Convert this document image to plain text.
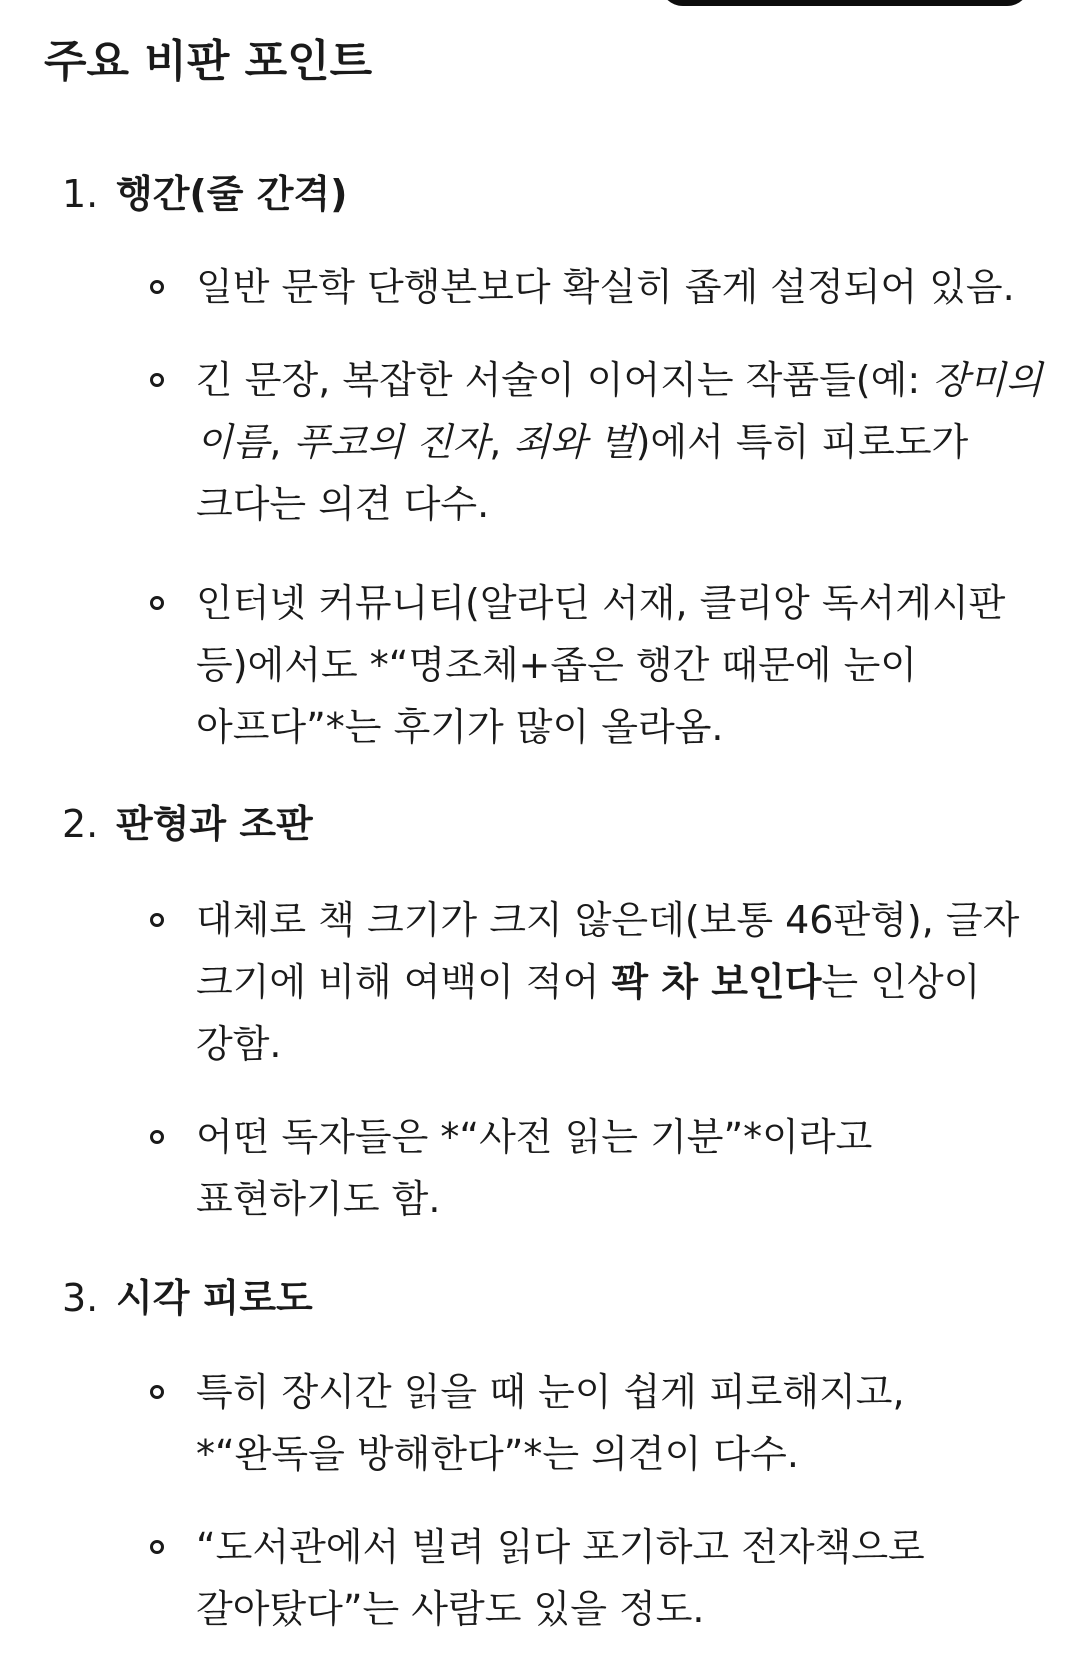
주요 비판 포인트
1. 행간(줄 간격)

일반 문학 단행본보다 확실히 좁게 설정되어 있음.

긴 문장, 복잡한 서술이 이어지는 작품들(예: 장미의
이름, 푸코의 진자, 죄와 벌)에서 특히 피로도가
크다는 의견 다수.

인터넷 커뮤니티(알라딘 서재, 클리앙 독서게시판
등)에서도 *“명조체+좁은 행간 때문에 눈이
아프다”*는 후기가 많이 올라옴.

2. 판형과 조판

대체로 책 크기가 크지 않은데(보통 46판형), 글자
크기에 비해 여백이 적어 꽉 차 보인다는 인상이
강함.

어떤 독자들은 *“사전 읽는 기분”*이라고
표현하기도 함.

3. 시각 피로도

특히 장시간 읽을 때 눈이 쉽게 피로해지고,
*“완독을 방해한다”*는 의견이 다수.

“도서관에서 빌려 읽다 포기하고 전자책으로
갈아탔다”는 사람도 있을 정도.
